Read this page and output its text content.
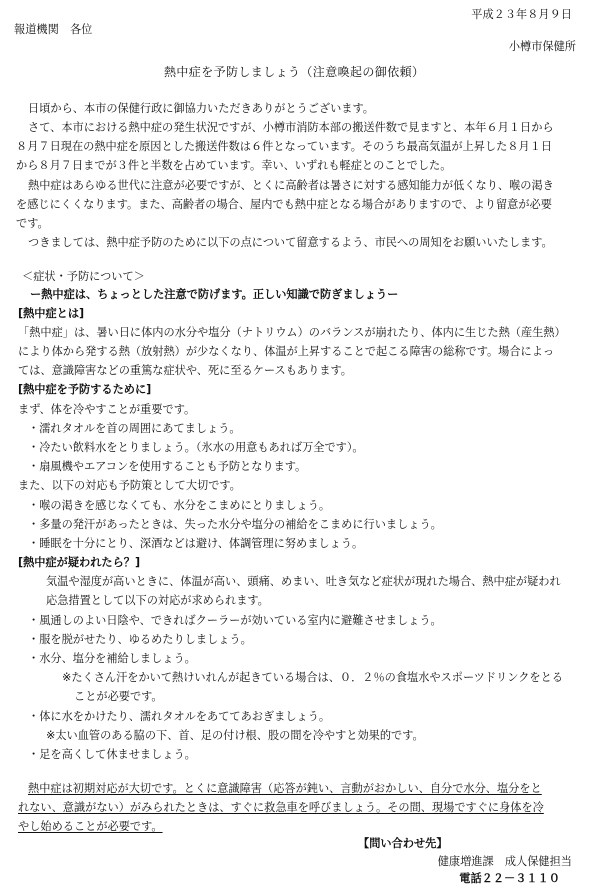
平成２３年８月９日
報道機関　各位
小樽市保健所
熱中症を予防しましょう（注意喚起の御依頼）
日頃から、本市の保健行政に御協力いただきありがとうございます。
さて、本市における熱中症の発生状況ですが、小樽市消防本部の搬送件数で見ますと、本年６月１日から
８月７日現在の熱中症を原因とした搬送件数は６件となっています。そのうち最高気温が上昇した８月１日
から８月７日までが３件と半数を占めています。幸い、いずれも軽症とのことでした。
熱中症はあらゆる世代に注意が必要ですが、とくに高齢者は暑さに対する感知能力が低くなり、喉の渇き
を感じにくくなります。また、高齢者の場合、屋内でも熱中症となる場合がありますので、より留意が必要
です。
つきましては、熱中症予防のために以下の点について留意するよう、市民への周知をお願いいたします。
＜症状・予防について＞
ー熱中症は、ちょっとした注意で防げます。正しい知識で防ぎましょうー
[熱中症とは]
「熱中症」は、暑い日に体内の水分や塩分（ナトリウム）のバランスが崩れたり、体内に生じた熱（産生熱）
により体から発する熱（放射熱）が少なくなり、体温が上昇することで起こる障害の総称です。場合によっ
ては、意識障害などの重篤な症状や、死に至るケースもあります。
[熱中症を予防するために]
まず、体を冷やすことが重要です。
・濡れタオルを首の周囲にあてましょう。
・冷たい飲料水をとりましょう。（氷水の用意もあれば万全です）。
・扇風機やエアコンを使用することも予防となります。
また、以下の対応も予防策として大切です。
・喉の渇きを感じなくても、水分をこまめにとりましょう。
・多量の発汗があったときは、失った水分や塩分の補給をこまめに行いましょう。
・睡眠を十分にとり、深酒などは避け、体調管理に努めましょう。
[熱中症が疑われたら？]
気温や湿度が高いときに、体温が高い、頭痛、めまい、吐き気など症状が現れた場合、熱中症が疑われ
応急措置として以下の対応が求められます。
・風通しのよい日陰や、できればクーラーが効いている室内に避難させましょう。
・服を脱がせたり、ゆるめたりしましょう。
・水分、塩分を補給しましょう。
※たくさん汗をかいて熱けいれんが起きている場合は、０．２％の食塩水やスポーツドリンクをとる
ことが必要です。
・体に水をかけたり、濡れタオルをあててあおぎましょう。
※太い血管のある脇の下、首、足の付け根、股の間を冷やすと効果的です。
・足を高くして休ませましょう。
熱中症は初期対応が大切です。とくに意識障害（応答が鈍い、言動がおかしい、自分で水分、塩分をと
れない、意識がない）がみられたときは、すぐに救急車を呼びましょう。その間、現場ですぐに身体を冷
やし始めることが必要です。
【問い合わせ先】
健康増進課　成人保健担当
電話２２－３１１０
